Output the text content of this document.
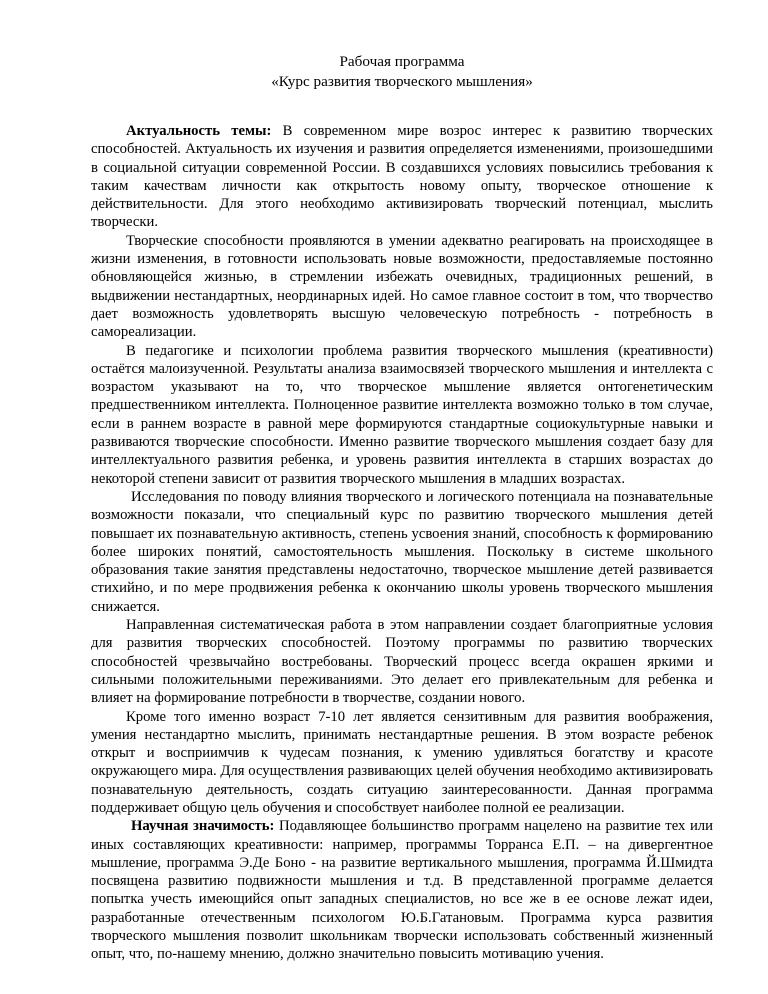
Рабочая программа

«Курс развития творческого мышления»

Актуальность темы: В современном мире возрос интерес к развитию творческих способностей. Актуальность их изучения и развития определяется изменениями, произошедшими в социальной ситуации современной России. В создавшихся условиях повысились требования к таким качествам личности как открытость новому опыту, творческое отношение к действительности. Для этого необходимо активизировать творческий потенциал, мыслить творчески.

Творческие способности проявляются в умении адекватно реагировать на происходящее в жизни изменения, в готовности использовать новые возможности, предоставляемые постоянно обновляющейся жизнью, в стремлении избежать очевидных, традиционных решений, в выдвижении нестандартных, неординарных идей. Но самое главное состоит в том, что творчество дает возможность удовлетворять высшую человеческую потребность - потребность в самореализации.

В педагогике и психологии проблема развития творческого мышления (креативности) остаётся малоизученной. Результаты анализа взаимосвязей творческого мышления и интеллекта с возрастом указывают на то, что творческое мышление является онтогенетическим предшественником интеллекта. Полноценное развитие интеллекта возможно только в том случае, если в раннем возрасте в равной мере формируются стандартные социокультурные навыки и развиваются творческие способности. Именно развитие творческого мышления создает базу для интеллектуального развития ребенка, и уровень развития интеллекта в старших возрастах до некоторой степени зависит от развития творческого мышления в младших возрастах.

Исследования по поводу влияния творческого и логического потенциала на познавательные возможности показали, что специальный курс по развитию творческого мышления детей повышает их познавательную активность, степень усвоения знаний, способность к формированию более широких понятий, самостоятельность мышления. Поскольку в системе школьного образования такие занятия представлены недостаточно, творческое мышление детей развивается стихийно, и по мере продвижения ребенка к окончанию школы уровень творческого мышления снижается.

Направленная систематическая работа в этом направлении создает благоприятные условия для развития творческих способностей. Поэтому программы по развитию творческих способностей чрезвычайно востребованы. Творческий процесс всегда окрашен яркими и сильными положительными переживаниями. Это делает его привлекательным для ребенка и влияет на формирование потребности в творчестве, создании нового.

Кроме того именно возраст 7-10 лет является сензитивным для развития воображения, умения нестандартно мыслить, принимать нестандартные решения. В этом возрасте ребенок открыт и восприимчив к чудесам познания, к умению удивляться богатству и красоте окружающего мира. Для осуществления развивающих целей обучения необходимо активизировать познавательную деятельность, создать ситуацию заинтересованности. Данная программа поддерживает общую цель обучения и способствует наиболее полной ее реализации.

Научная значимость: Подавляющее большинство программ нацелено на развитие тех или иных составляющих креативности: например, программы Торранса Е.П. – на дивергентное мышление, программа Э.Де Боно - на развитие вертикального мышления, программа Й.Шмидта посвящена развитию подвижности мышления и т.д. В представленной программе делается попытка учесть имеющийся опыт западных специалистов, но все же в ее основе лежат идеи, разработанные отечественным психологом Ю.Б.Гатановым. Программа курса развития творческого мышления позволит школьникам творчески использовать собственный жизненный опыт, что, по-нашему мнению, должно значительно повысить мотивацию учения.
